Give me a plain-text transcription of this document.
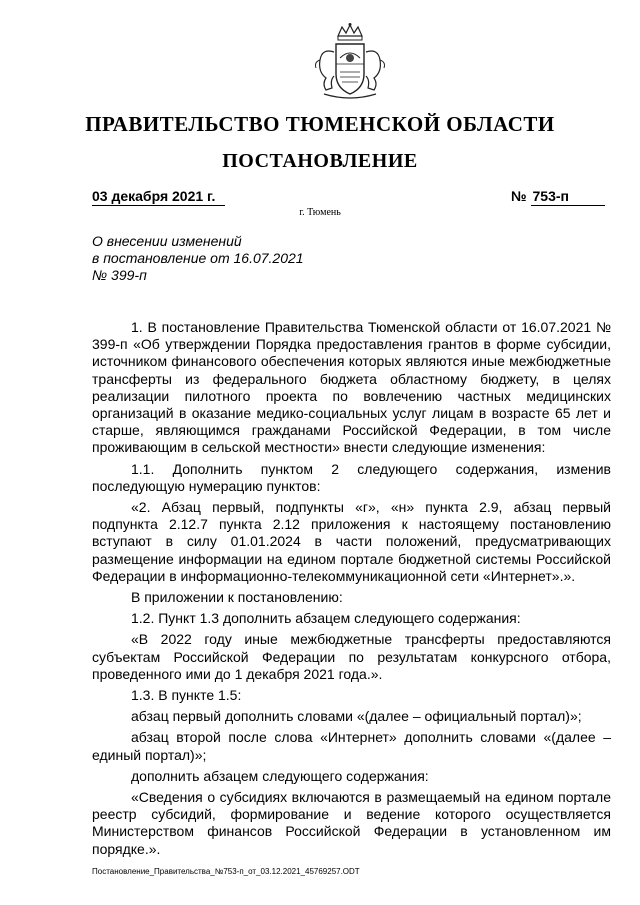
ПРАВИТЕЛЬСТВО ТЮМЕНСКОЙ ОБЛАСТИ
ПОСТАНОВЛЕНИЕ
03 декабря 2021 г.	№ 753-п
г. Тюмень
О внесении изменений
в постановление от 16.07.2021
№ 399-п

1. В постановление Правительства Тюменской области от 16.07.2021 № 399-п «Об утверждении Порядка предоставления грантов в форме субсидии, источником финансового обеспечения которых являются иные межбюджетные трансферты из федерального бюджета областному бюджету, в целях реализации пилотного проекта по вовлечению частных медицинских организаций в оказание медико-социальных услуг лицам в возрасте 65 лет и старше, являющимся гражданами Российской Федерации, в том числе проживающим в сельской местности» внести следующие изменения:

1.1. Дополнить пунктом 2 следующего содержания, изменив последующую нумерацию пунктов:

«2. Абзац первый, подпункты «г», «н» пункта 2.9, абзац первый подпункта 2.12.7 пункта 2.12 приложения к настоящему постановлению вступают в силу 01.01.2024 в части положений, предусматривающих размещение информации на едином портале бюджетной системы Российской Федерации в информационно-телекоммуникационной сети «Интернет».».

В приложении к постановлению:

1.2. Пункт 1.3 дополнить абзацем следующего содержания:

«В 2022 году иные межбюджетные трансферты предоставляются субъектам Российской Федерации по результатам конкурсного отбора, проведенного ими до 1 декабря 2021 года.».

1.3. В пункте 1.5:

абзац первый дополнить словами «(далее – официальный портал)»;

абзац второй после слова «Интернет» дополнить словами «(далее – единый портал)»;

дополнить абзацем следующего содержания:

«Сведения о субсидиях включаются в размещаемый на едином портале реестр субсидий, формирование и ведение которого осуществляется Министерством финансов Российской Федерации в установленном им порядке.».

Постановление_Правительства_№753-п_от_03.12.2021_45769257.ODT
